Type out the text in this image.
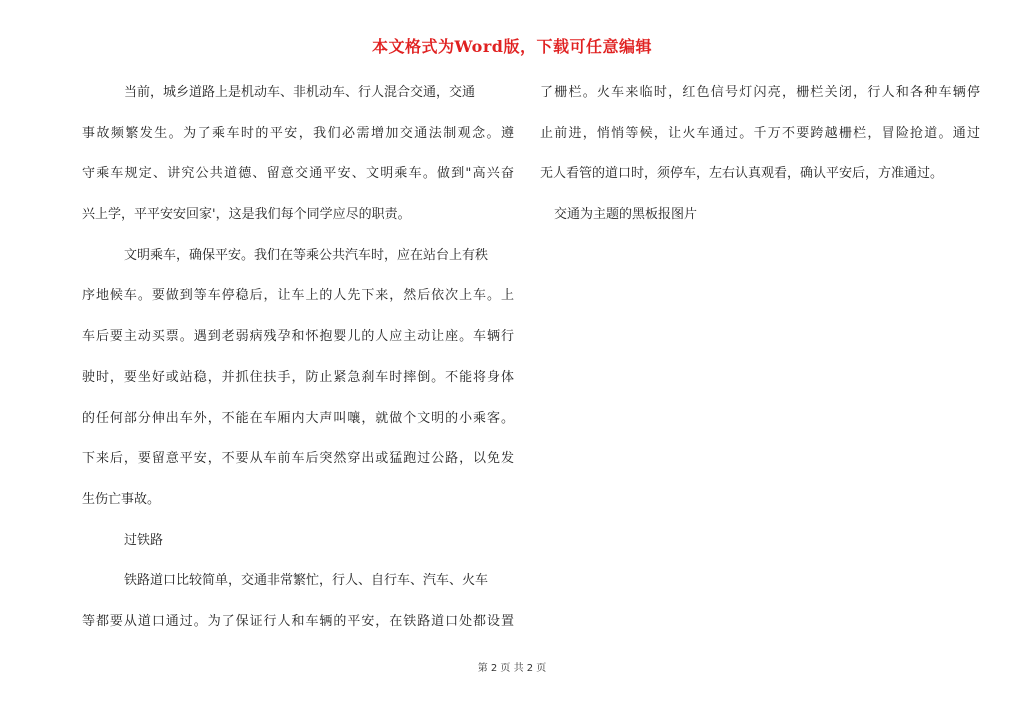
本文格式为Word版，下载可任意编辑
当前，城乡道路上是机动车、非机动车、行人混合交通，交通
事故频繁发生。为了乘车时的平安，我们必需增加交通法制观念。遵
守乘车规定、讲究公共道德、留意交通平安、文明乘车。做到"高兴奋
兴上学，平平安安回家'，这是我们每个同学应尽的职责。
文明乘车，确保平安。我们在等乘公共汽车时，应在站台上有秩
序地候车。要做到等车停稳后，让车上的人先下来，然后依次上车。上
车后要主动买票。遇到老弱病残孕和怀抱婴儿的人应主动让座。车辆行
驶时，要坐好或站稳，并抓住扶手，防止紧急刹车时摔倒。不能将身体
的任何部分伸出车外，不能在车厢内大声叫嚷，就做个文明的小乘客。
下来后，要留意平安，不要从车前车后突然穿出或猛跑过公路，以免发
生伤亡事故。
过铁路
铁路道口比较简单，交通非常繁忙，行人、自行车、汽车、火车
等都要从道口通过。为了保证行人和车辆的平安，在铁路道口处都设置
了栅栏。火车来临时，红色信号灯闪亮，栅栏关闭，行人和各种车辆停
止前进，悄悄等候，让火车通过。千万不要跨越栅栏，冒险抢道。通过
无人看管的道口时，须停车，左右认真观看，确认平安后，方准通过。
交通为主题的黑板报图片
第 2 页 共 2 页
